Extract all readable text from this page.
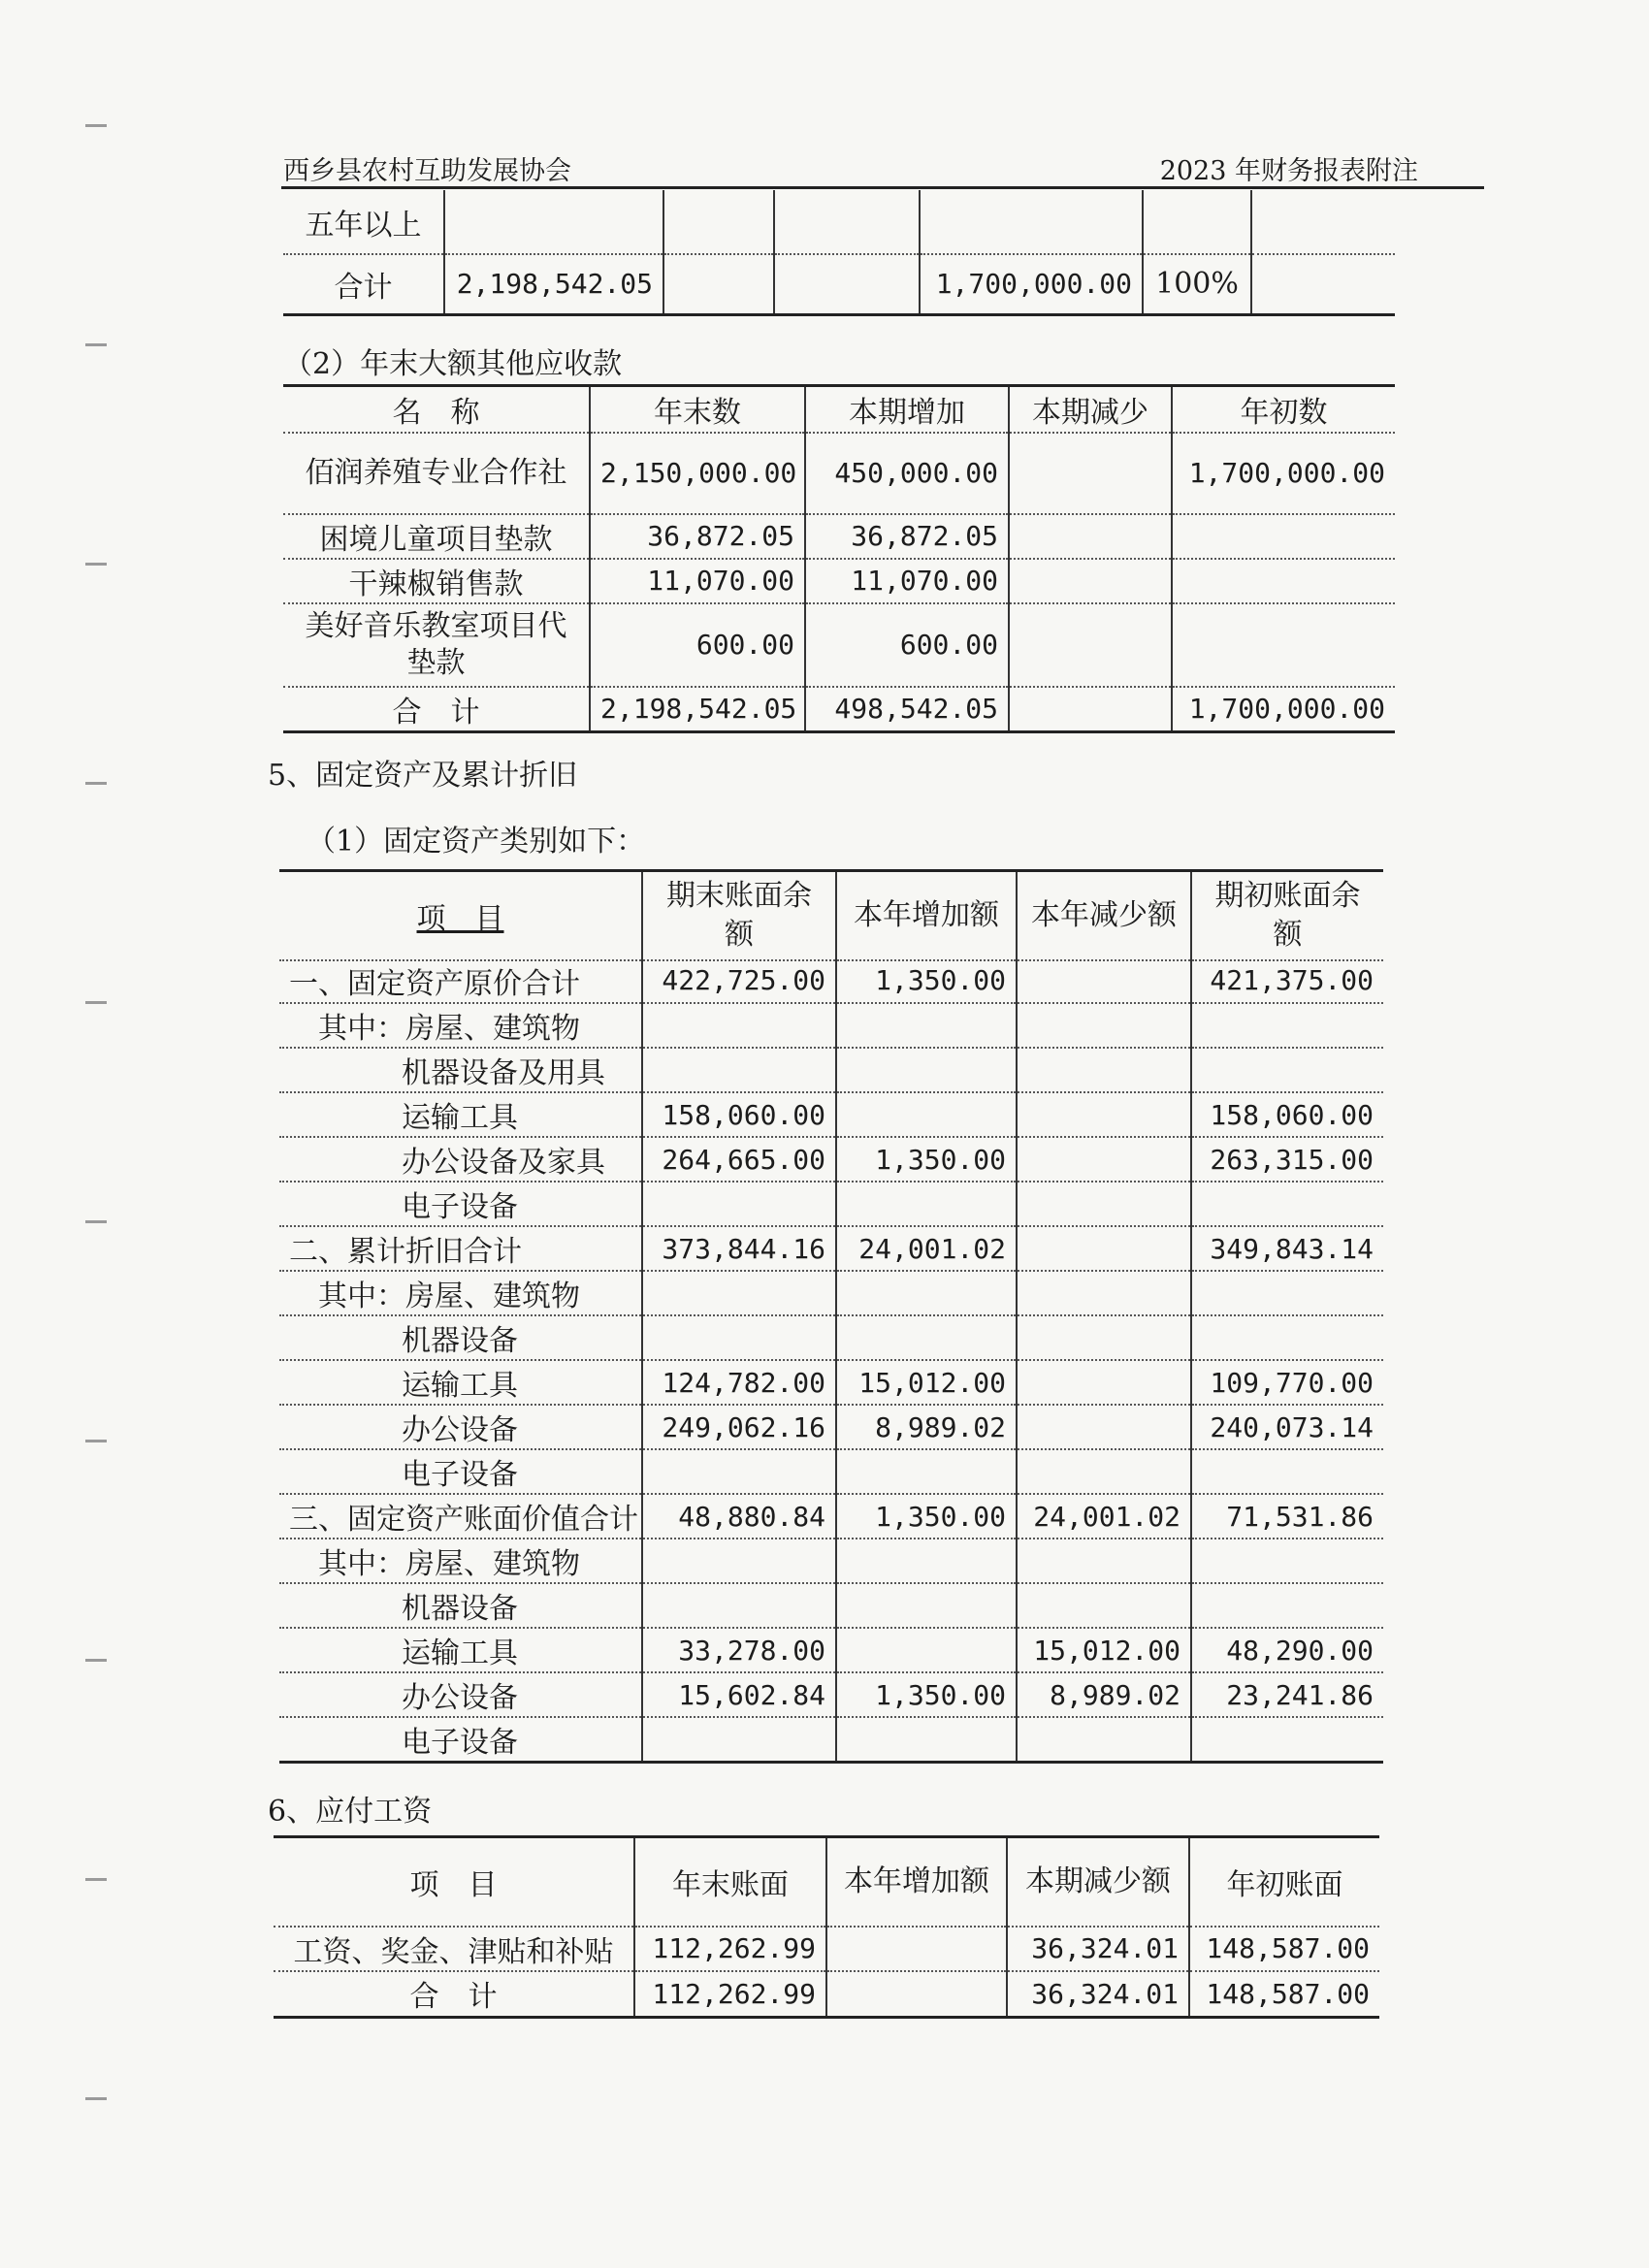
西乡县农村互助发展协会	2023 年财务报表附注
五年以上						
合计	2,198,542.05			1,700,000.00	100%	
（2）年末大额其他应收款
名　称	年末数	本期增加	本期减少	年初数
佰润养殖专业合作社	2,150,000.00	450,000.00		1,700,000.00
困境儿童项目垫款	36,872.05	36,872.05		
干辣椒销售款	11,070.00	11,070.00		
美好音乐教室项目代垫款	600.00	600.00		
合　计	2,198,542.05	498,542.05		1,700,000.00
5、固定资产及累计折旧
（1）固定资产类别如下：
项　目	期末账面余额	本年增加额	本年减少额	期初账面余额
一、固定资产原价合计	422,725.00	1,350.00		421,375.00
其中：房屋、建筑物				
机器设备及用具				
运输工具	158,060.00			158,060.00
办公设备及家具	264,665.00	1,350.00		263,315.00
电子设备				
二、累计折旧合计	373,844.16	24,001.02		349,843.14
其中：房屋、建筑物				
机器设备				
运输工具	124,782.00	15,012.00		109,770.00
办公设备	249,062.16	8,989.02		240,073.14
电子设备				
三、固定资产账面价值合计	48,880.84	1,350.00	24,001.02	71,531.86
其中：房屋、建筑物				
机器设备				
运输工具	33,278.00		15,012.00	48,290.00
办公设备	15,602.84	1,350.00	8,989.02	23,241.86
电子设备				
6、应付工资
项　目	年末账面	本年增加额	本期减少额	年初账面
工资、奖金、津贴和补贴	112,262.99		36,324.01	148,587.00
合　计	112,262.99		36,324.01	148,587.00
